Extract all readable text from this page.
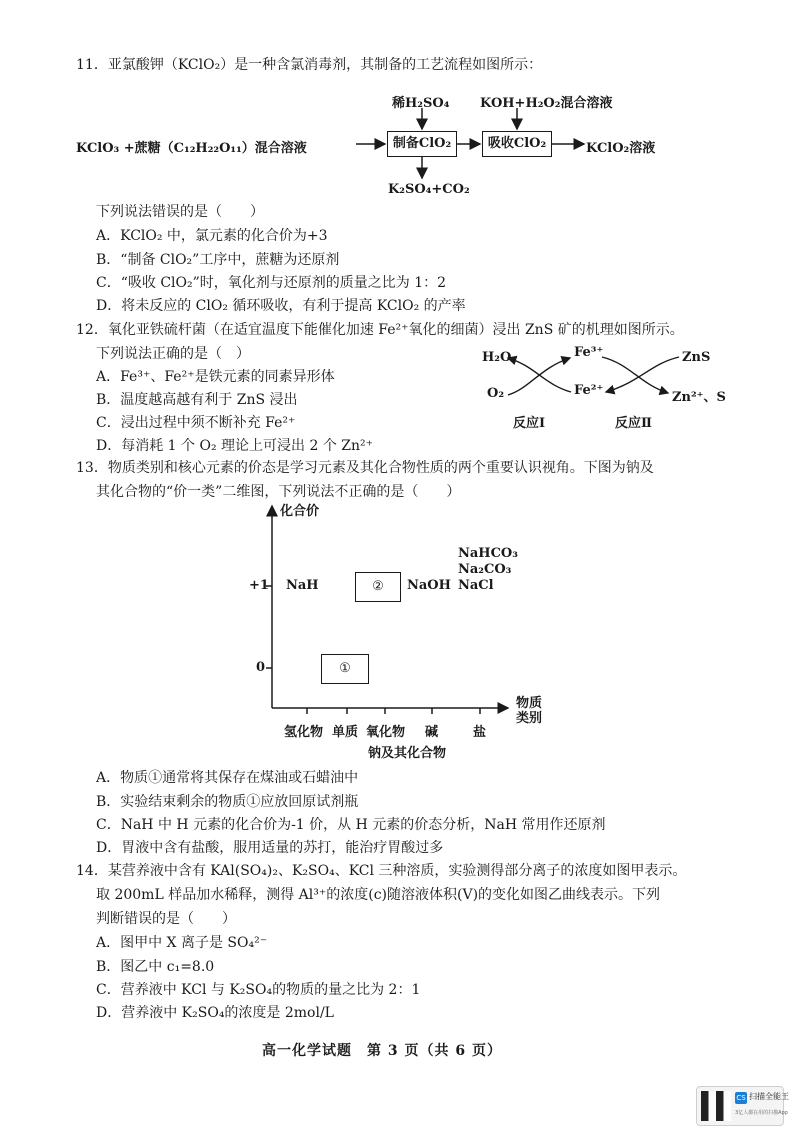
11．亚氯酸钾（KClO₂）是一种含氯消毒剂，其制备的工艺流程如图所示：
稀H₂SO₄ KOH+H₂O₂混合溶液
KClO₃ +蔗糖（C₁₂H₂₂O₁₁）混合溶液	制备ClO₂	吸收ClO₂	KClO₂溶液
K₂SO₄+CO₂
下列说法错误的是（　　）
A．KClO₂ 中，氯元素的化合价为+3
B．“制备 ClO₂”工序中，蔗糖为还原剂
C．“吸收 ClO₂”时，氧化剂与还原剂的质量之比为 1：2
D．将未反应的 ClO₂ 循环吸收，有利于提高 KClO₂ 的产率
12．氧化亚铁硫杆菌（在适宜温度下能催化加速 Fe²⁺氧化的细菌）浸出 ZnS 矿的机理如图所示。
下列说法正确的是（　）
A．Fe³⁺、Fe²⁺是铁元素的同素异形体
B．温度越高越有利于 ZnS 浸出
C．浸出过程中须不断补充 Fe²⁺
D．每消耗 1 个 O₂ 理论上可浸出 2 个 Zn²⁺
H₂O
O₂
Fe³⁺
Fe²⁺
ZnS
Zn²⁺、S
反应Ⅰ	反应Ⅱ
13．物质类别和核心元素的价态是学习元素及其化合物性质的两个重要认识视角。下图为钠及
其化合物的“价一类”二维图，下列说法不正确的是（　　）
化合价
+1
0
NaH	②	NaOH
NaHCO₃
Na₂CO₃
NaCl
①
氢化物 单质 氧化物 碱	盐
物质
类别
钠及其化合物
A．物质①通常将其保存在煤油或石蜡油中
B．实验结束剩余的物质①应放回原试剂瓶
C．NaH 中 H 元素的化合价为-1 价，从 H 元素的价态分析，NaH 常用作还原剂
D．胃液中含有盐酸，服用适量的苏打，能治疗胃酸过多
14．某营养液中含有 KAl(SO₄)₂、K₂SO₄、KCl 三种溶质，实验测得部分离子的浓度如图甲表示。
取 200mL 样品加水稀释，测得 Al³⁺的浓度(c)随溶液体积(V)的变化如图乙曲线表示。下列
判断错误的是（　　）
A．图甲中 X 离子是 SO₄²⁻
B．图乙中 c₁=8.0
C．营养液中 KCl 与 K₂SO₄的物质的量之比为 2：1
D．营养液中 K₂SO₄的浓度是 2mol/L
高一化学试题　第 3 页（共 6 页）
CS 扫描全能王
3亿人都在用的扫描App
